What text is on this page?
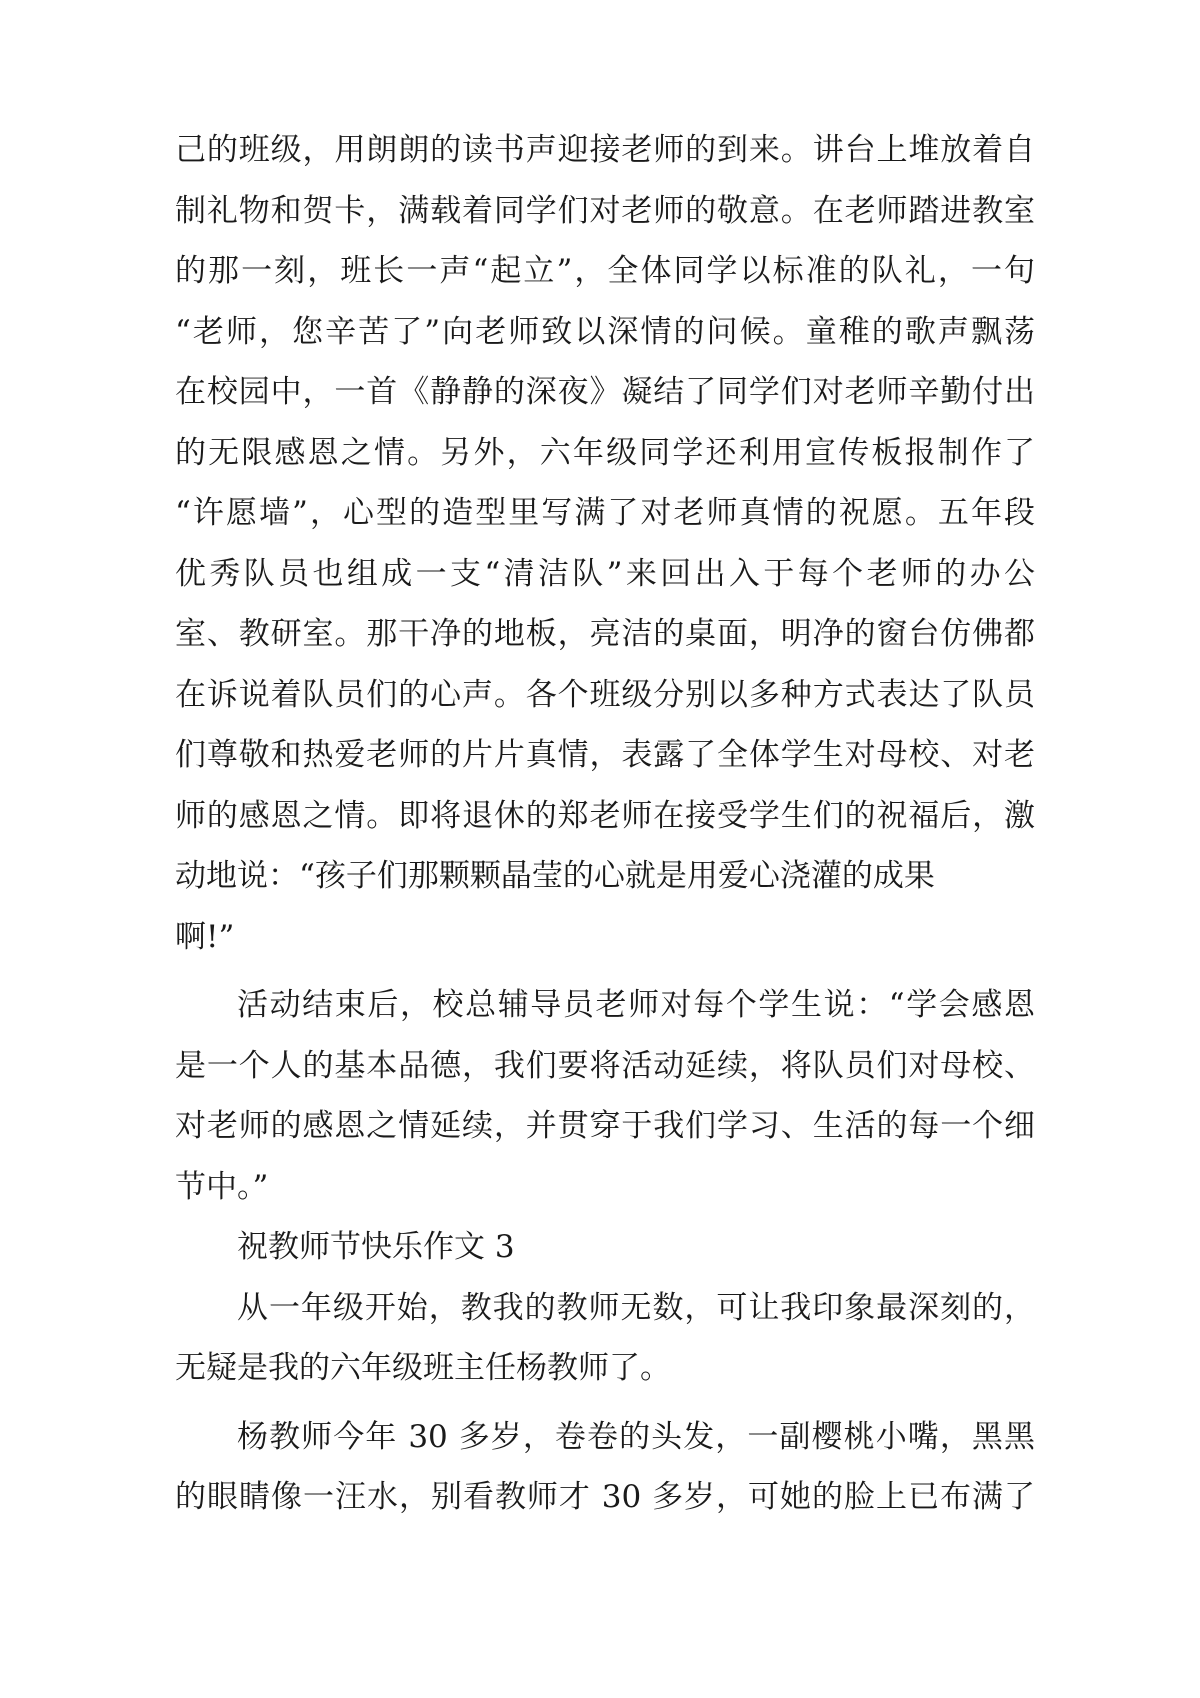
己的班级，用朗朗的读书声迎接老师的到来。讲台上堆放着自
制礼物和贺卡，满载着同学们对老师的敬意。在老师踏进教室
的那一刻，班长一声“起立”，全体同学以标准的队礼，一句
“老师，您辛苦了”向老师致以深情的问候。童稚的歌声飘荡
在校园中，一首《静静的深夜》凝结了同学们对老师辛勤付出
的无限感恩之情。另外，六年级同学还利用宣传板报制作了
“许愿墙”，心型的造型里写满了对老师真情的祝愿。五年段
优秀队员也组成一支“清洁队”来回出入于每个老师的办公
室、教研室。那干净的地板，亮洁的桌面，明净的窗台仿佛都
在诉说着队员们的心声。各个班级分别以多种方式表达了队员
们尊敬和热爱老师的片片真情，表露了全体学生对母校、对老
师的感恩之情。即将退休的郑老师在接受学生们的祝福后，激
动地说：“孩子们那颗颗晶莹的心就是用爱心浇灌的成果
啊!”
活动结束后，校总辅导员老师对每个学生说：“学会感恩
是一个人的基本品德，我们要将活动延续，将队员们对母校、
对老师的感恩之情延续，并贯穿于我们学习、生活的每一个细
节中。”
祝教师节快乐作文 3
从一年级开始，教我的教师无数，可让我印象最深刻的，
无疑是我的六年级班主任杨教师了。
杨教师今年 30 多岁，卷卷的头发，一副樱桃小嘴，黑黑
的眼睛像一汪水，别看教师才 30 多岁，可她的脸上已布满了
